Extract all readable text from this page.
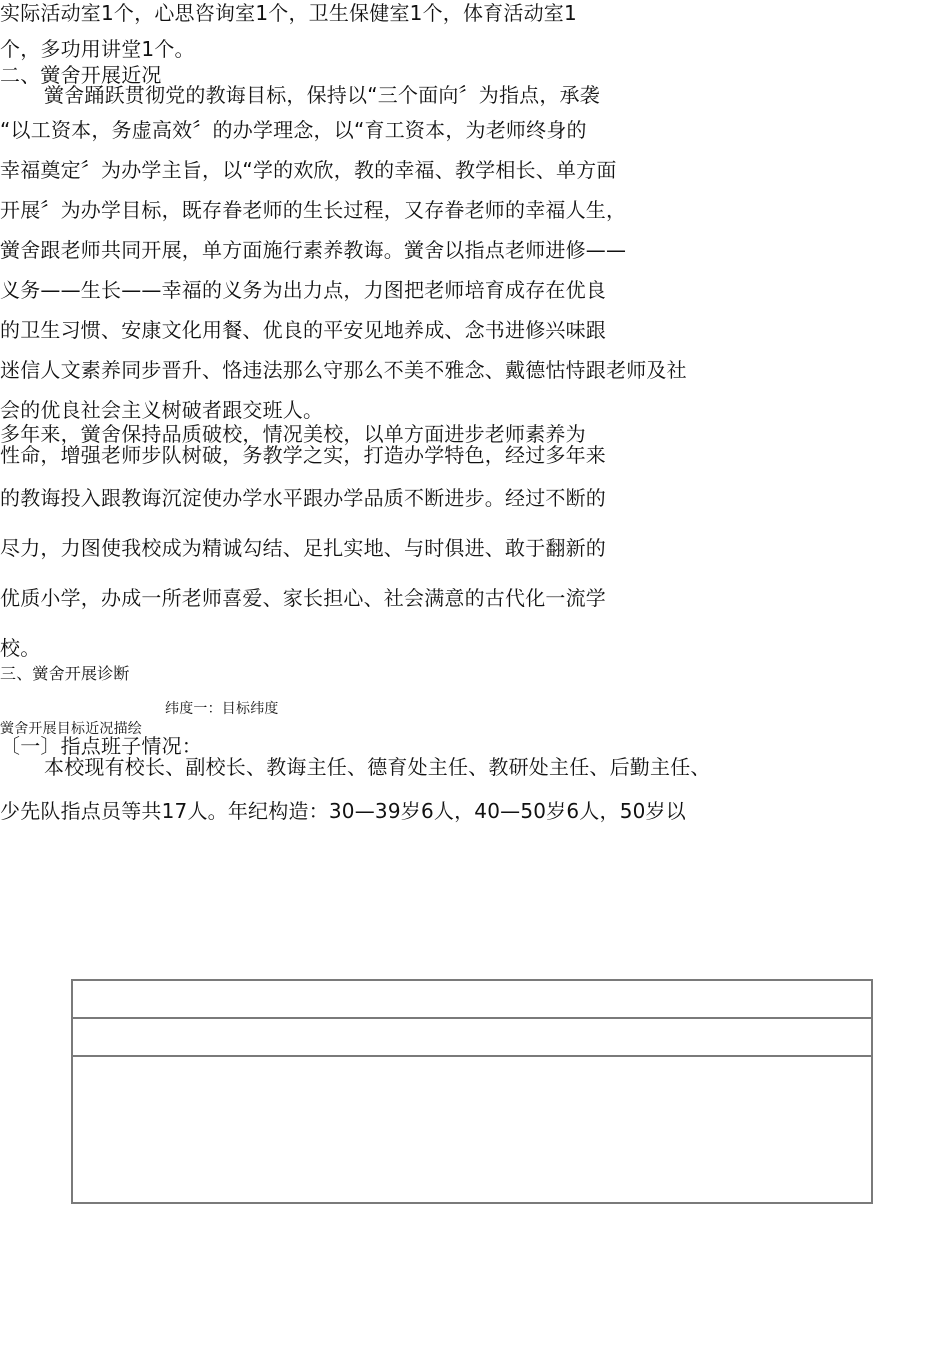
实际活动室1个，心思咨询室1个，卫生保健室1个，体育活动室1
个，多功用讲堂1个。
二、黉舍开展近况
黉舍踊跃贯彻党的教诲目标，保持以“三个面向〞为指点，承袭
“以工资本，务虚高效〞的办学理念，以“育工资本，为老师终身的
幸福奠定〞为办学主旨，以“学的欢欣，教的幸福、教学相长、单方面
开展〞为办学目标，既存眷老师的生长过程，又存眷老师的幸福人生，
黉舍跟老师共同开展，单方面施行素养教诲。黉舍以指点老师进修——
义务——生长——幸福的义务为出力点，力图把老师培育成存在优良
的卫生习惯、安康文化用餐、优良的平安见地养成、念书进修兴味跟
迷信人文素养同步晋升、恪违法那么守那么不美不雅念、戴德怙恃跟老师及社
会的优良社会主义树破者跟交班人。
多年来，黉舍保持品质破校，情况美校，以单方面进步老师素养为
性命，增强老师步队树破，务教学之实，打造办学特色，经过多年来
的教诲投入跟教诲沉淀使办学水平跟办学品质不断进步。经过不断的
尽力，力图使我校成为精诚勾结、足扎实地、与时俱进、敢于翻新的
优质小学，办成一所老师喜爱、家长担心、社会满意的古代化一流学
校。
三、黉舍开展诊断
纬度一：目标纬度
黉舍开展目标近况描绘
〔一〕指点班子情况：
本校现有校长、副校长、教诲主任、德育处主任、教研处主任、后勤主任、
少先队指点员等共17人。年纪构造：30—39岁6人，40—50岁6人，50岁以
